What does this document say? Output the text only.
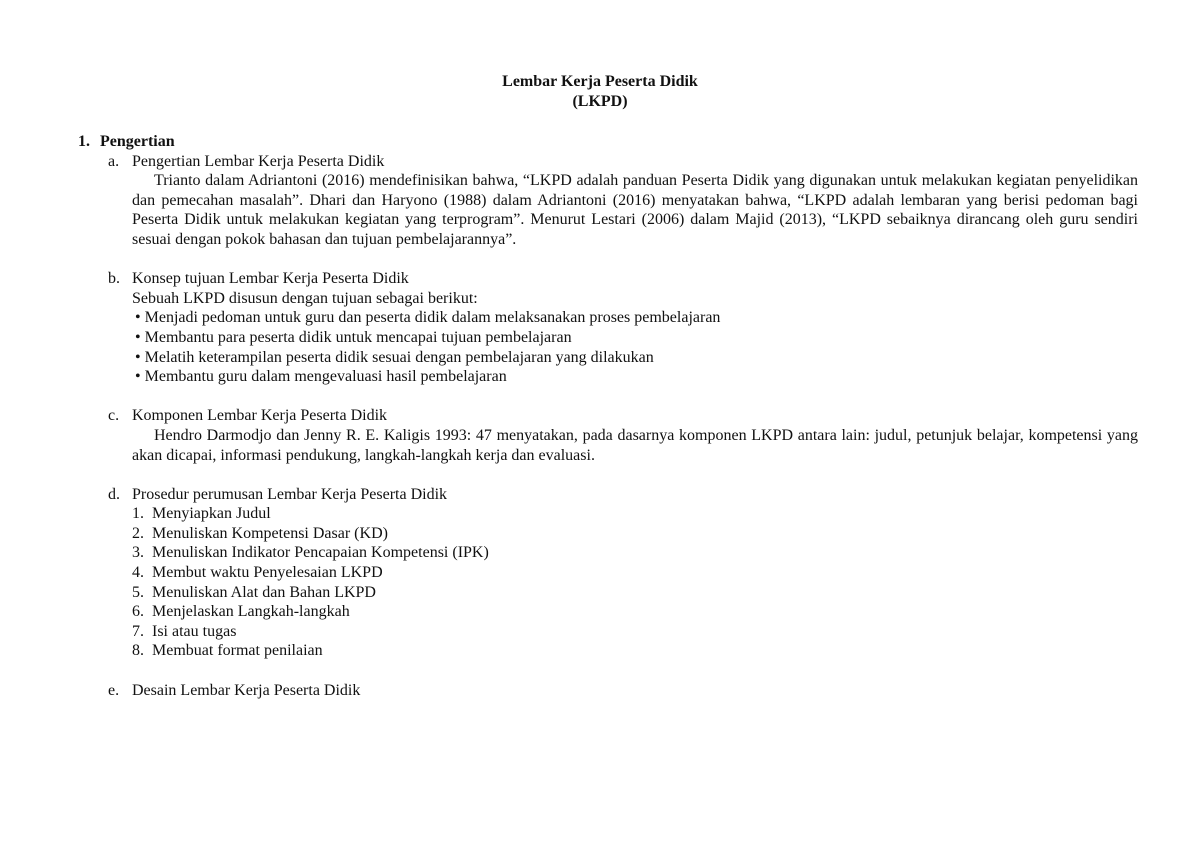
Lembar Kerja Peserta Didik
(LKPD)
1. Pengertian
a. Pengertian Lembar Kerja Peserta Didik
Trianto dalam Adriantoni (2016) mendefinisikan bahwa, “LKPD adalah panduan Peserta Didik yang digunakan untuk melakukan kegiatan penyelidikan dan pemecahan masalah”. Dhari dan Haryono (1988) dalam Adriantoni (2016) menyatakan bahwa, “LKPD adalah lembaran yang berisi pedoman bagi Peserta Didik untuk melakukan kegiatan yang terprogram”. Menurut Lestari (2006) dalam Majid (2013), “LKPD sebaiknya dirancang oleh guru sendiri sesuai dengan pokok bahasan dan tujuan pembelajarannya”.
b. Konsep tujuan Lembar Kerja Peserta Didik
Sebuah LKPD disusun dengan tujuan sebagai berikut:
• Menjadi pedoman untuk guru dan peserta didik dalam melaksanakan proses pembelajaran
• Membantu para peserta didik untuk mencapai tujuan pembelajaran
• Melatih keterampilan peserta didik sesuai dengan pembelajaran yang dilakukan
• Membantu guru dalam mengevaluasi hasil pembelajaran
c. Komponen Lembar Kerja Peserta Didik
Hendro Darmodjo dan Jenny R. E. Kaligis 1993: 47 menyatakan, pada dasarnya komponen LKPD antara lain: judul, petunjuk belajar, kompetensi yang akan dicapai, informasi pendukung, langkah-langkah kerja dan evaluasi.
d. Prosedur perumusan Lembar Kerja Peserta Didik
1. Menyiapkan Judul
2. Menuliskan Kompetensi Dasar (KD)
3. Menuliskan Indikator Pencapaian Kompetensi (IPK)
4. Membut waktu Penyelesaian LKPD
5. Menuliskan Alat dan Bahan LKPD
6. Menjelaskan Langkah-langkah
7. Isi atau tugas
8. Membuat format penilaian
e. Desain Lembar Kerja Peserta Didik
